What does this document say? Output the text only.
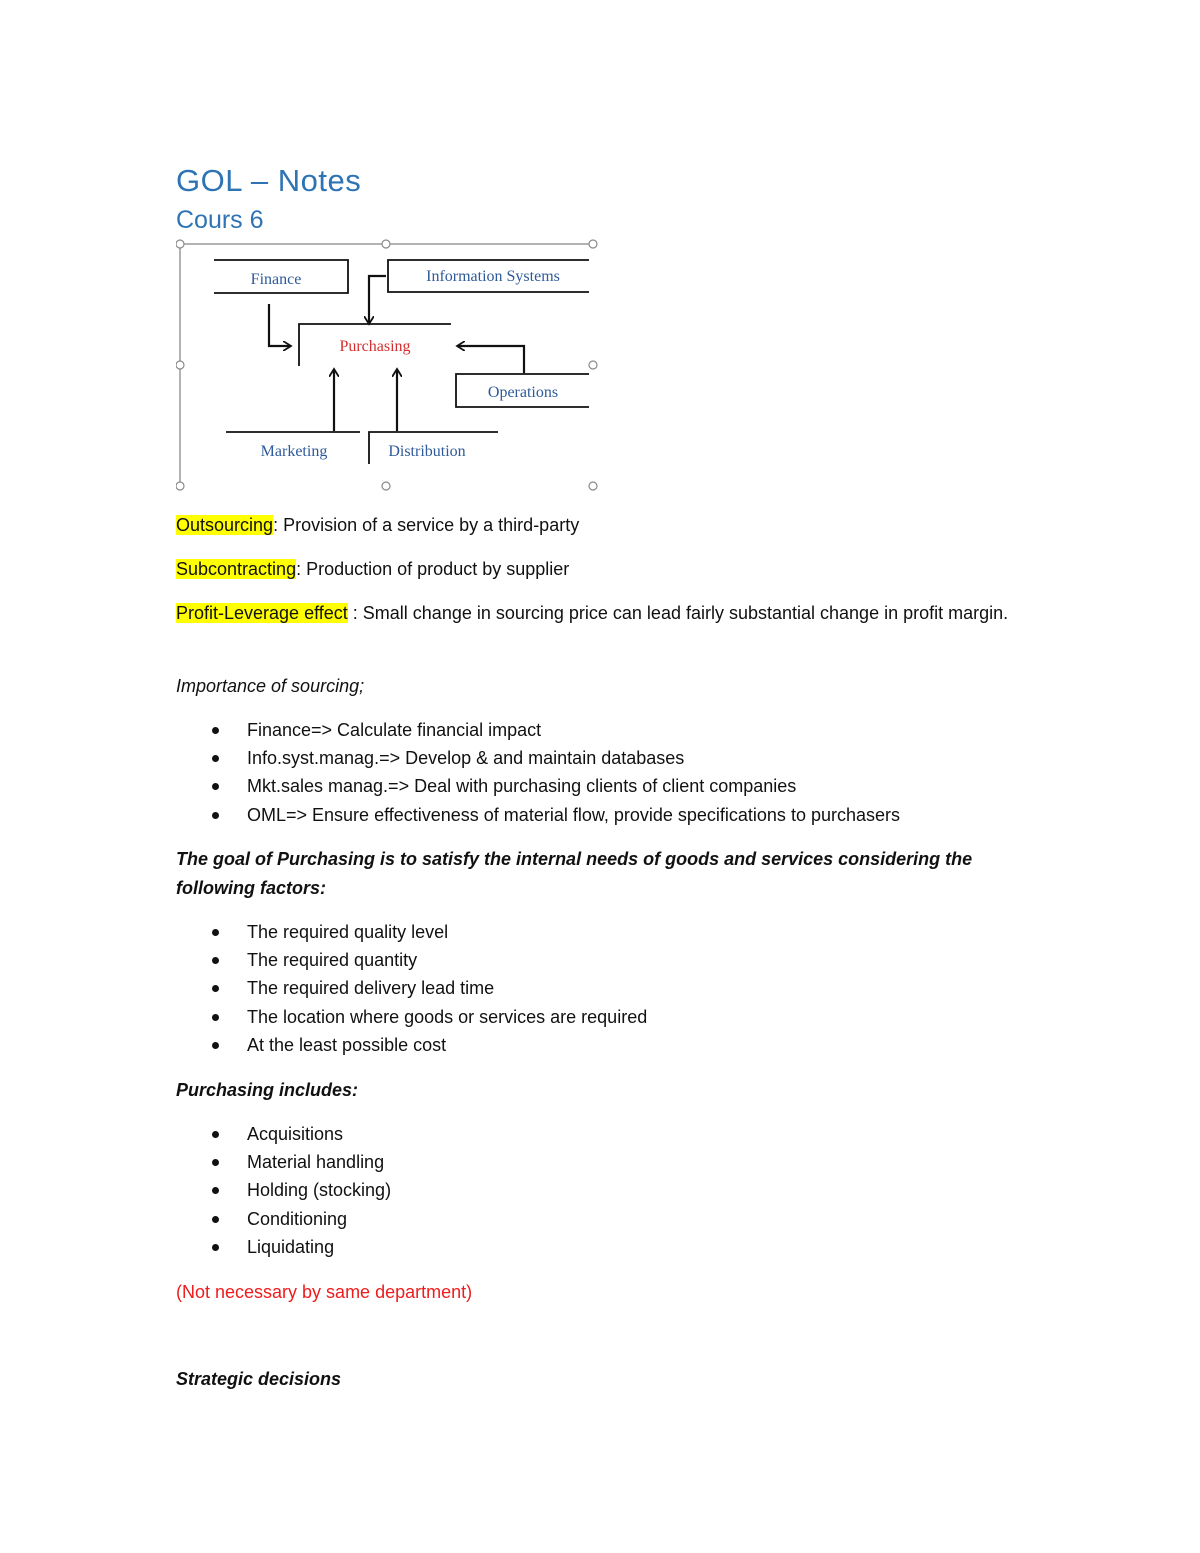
GOL – Notes
Cours 6
Finance	Information Systems
Purchasing
Operations
Marketing	Distribution
Outsourcing: Provision of a service by a third-party
Subcontracting: Production of product by supplier
Profit-Leverage effect : Small change in sourcing price can lead fairly substantial change in profit margin.
Importance of sourcing;
Finance=> Calculate financial impact
Info.syst.manag.=> Develop & and maintain databases
Mkt.sales manag.=> Deal with purchasing clients of client companies
OML=> Ensure effectiveness of material flow, provide specifications to purchasers
The goal of Purchasing is to satisfy the internal needs of goods and services considering the following factors:
The required quality level
The required quantity
The required delivery lead time
The location where goods or services are required
At the least possible cost
Purchasing includes:
Acquisitions
Material handling
Holding (stocking)
Conditioning
Liquidating
(Not necessary by same department)
Strategic decisions
